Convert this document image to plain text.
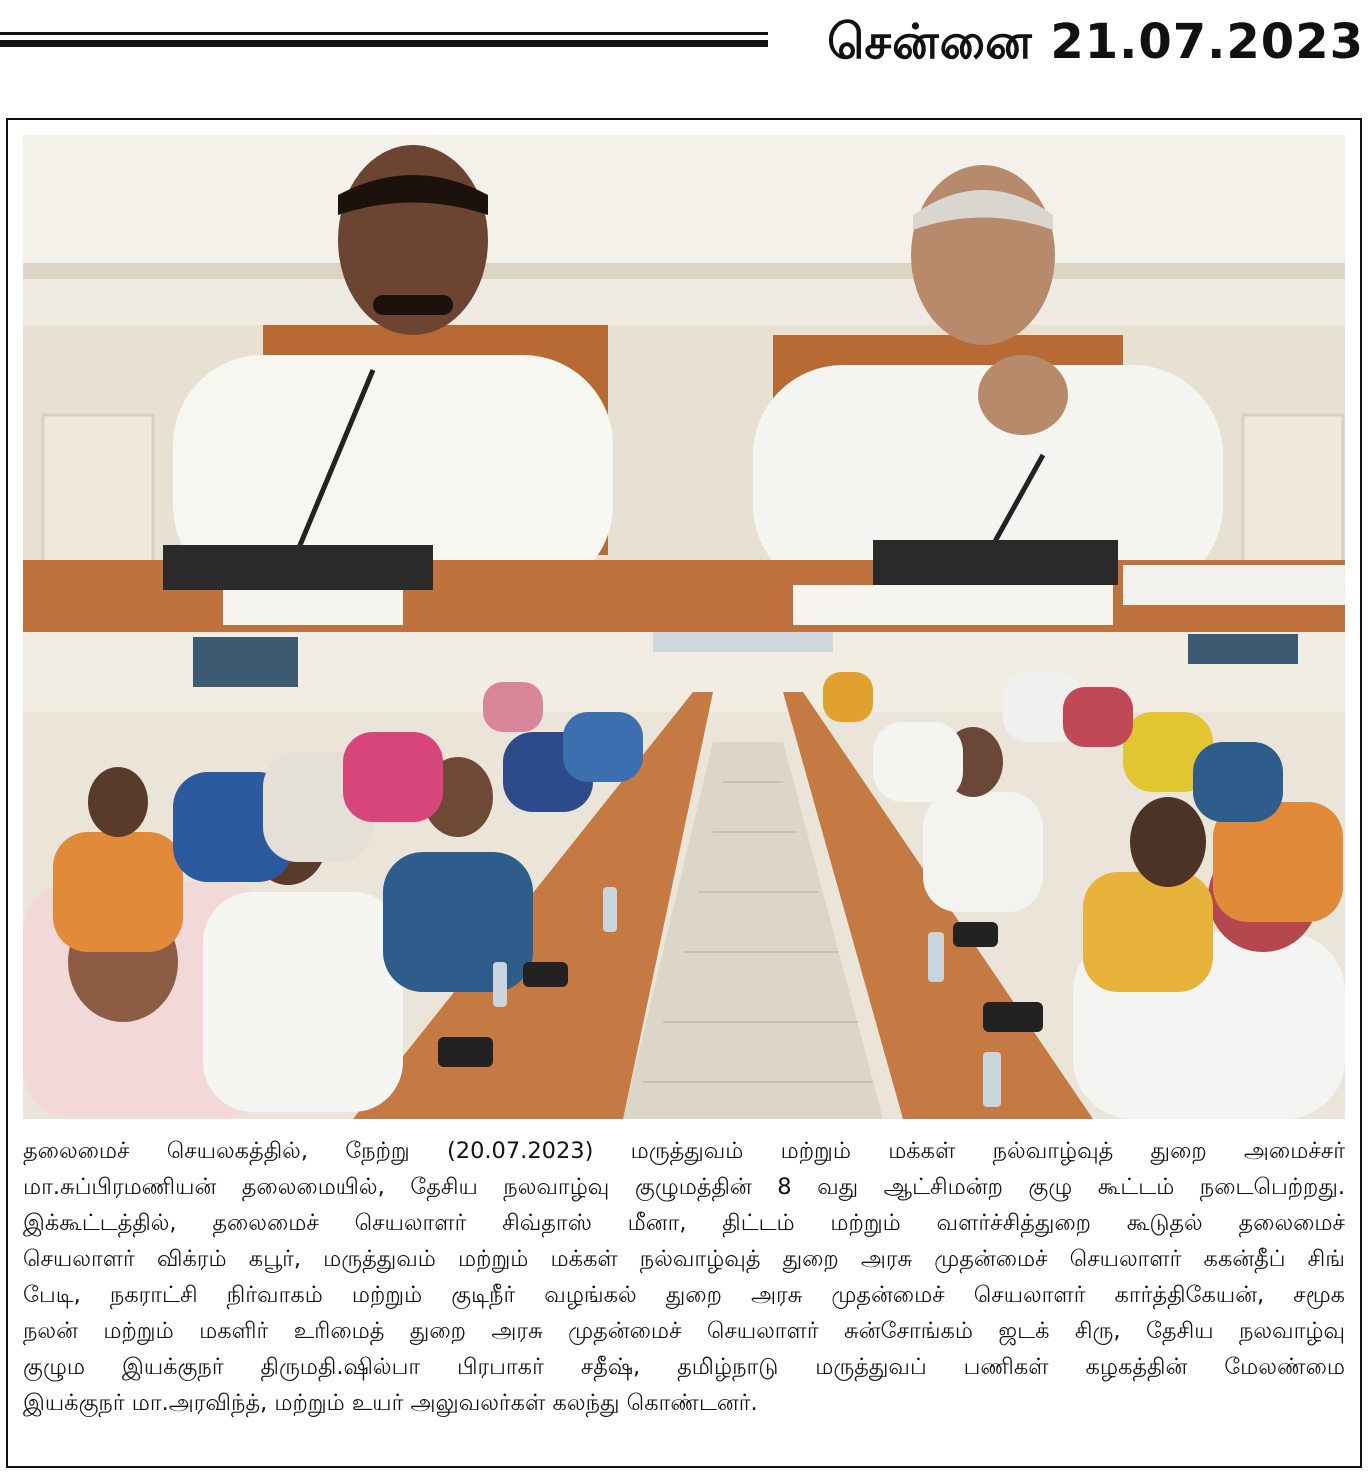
சென்னை 21.07.2023
தலைமைச் செயலகத்தில், நேற்று (20.07.2023) மருத்துவம் மற்றும் மக்கள் நல்வாழ்வுத் துறை அமைச்சர்
மா.சுப்பிரமணியன் தலைமையில், தேசிய நலவாழ்வு குழுமத்தின் 8 வது ஆட்சிமன்ற குழு கூட்டம் நடைபெற்றது.
இக்கூட்டத்தில், தலைமைச் செயலாளர் சிவ்தாஸ் மீனா, திட்டம் மற்றும் வளர்ச்சித்துறை கூடுதல் தலைமைச்
செயலாளர் விக்ரம் கபூர், மருத்துவம் மற்றும் மக்கள் நல்வாழ்வுத் துறை அரசு முதன்மைச் செயலாளர் ககன்தீப் சிங்
பேடி, நகராட்சி நிர்வாகம் மற்றும் குடிநீர் வழங்கல் துறை அரசு முதன்மைச் செயலாளர் கார்த்திகேயன், சமூக
நலன் மற்றும் மகளிர் உரிமைத் துறை அரசு முதன்மைச் செயலாளர் சுன்சோங்கம் ஜடக் சிரு, தேசிய நலவாழ்வு
குழும இயக்குநர் திருமதி.ஷில்பா பிரபாகர் சதீஷ், தமிழ்நாடு மருத்துவப் பணிகள் கழகத்தின் மேலண்மை
இயக்குநர் மா.அரவிந்த், மற்றும் உயர் அலுவலர்கள் கலந்து கொண்டனர்.
